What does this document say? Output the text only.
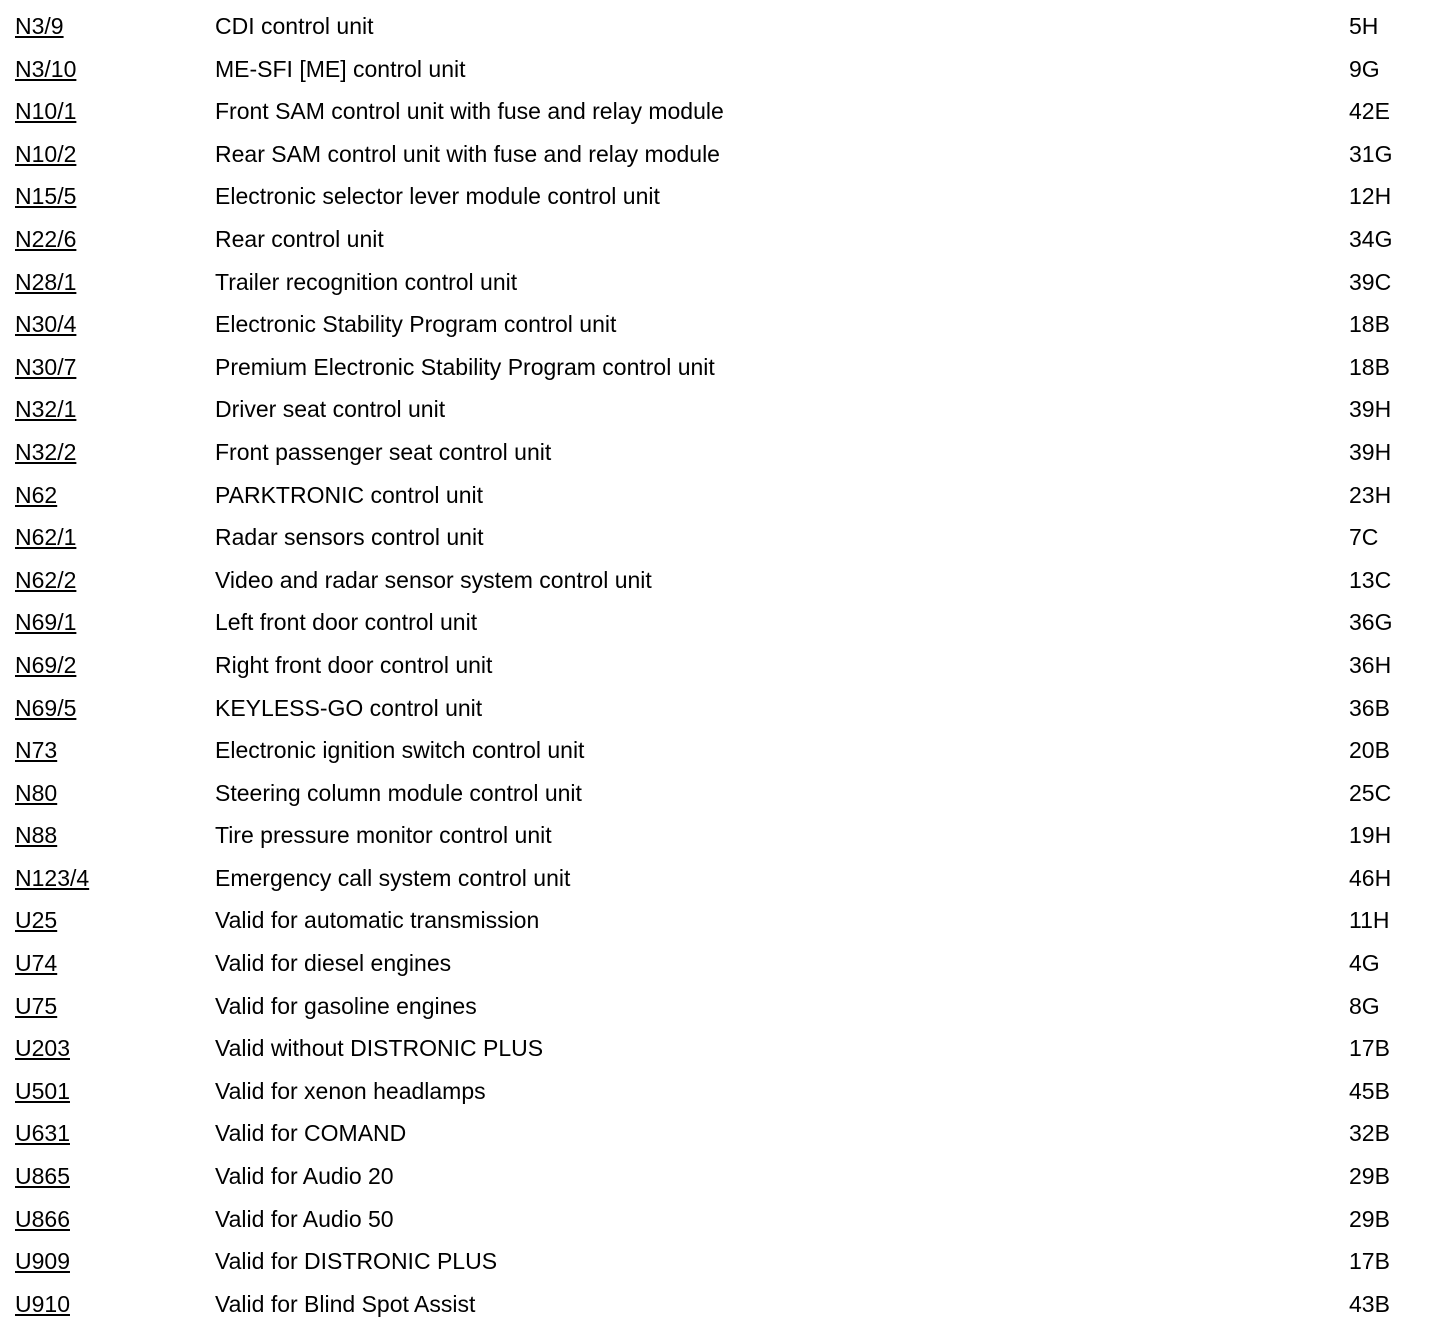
N3/9	CDI control unit	5H
N3/10	ME-SFI [ME] control unit	9G
N10/1	Front SAM control unit with fuse and relay module	42E
N10/2	Rear SAM control unit with fuse and relay module	31G
N15/5	Electronic selector lever module control unit	12H
N22/6	Rear control unit	34G
N28/1	Trailer recognition control unit	39C
N30/4	Electronic Stability Program control unit	18B
N30/7	Premium Electronic Stability Program control unit	18B
N32/1	Driver seat control unit	39H
N32/2	Front passenger seat control unit	39H
N62	PARKTRONIC control unit	23H
N62/1	Radar sensors control unit	7C
N62/2	Video and radar sensor system control unit	13C
N69/1	Left front door control unit	36G
N69/2	Right front door control unit	36H
N69/5	KEYLESS-GO control unit	36B
N73	Electronic ignition switch control unit	20B
N80	Steering column module control unit	25C
N88	Tire pressure monitor control unit	19H
N123/4	Emergency call system control unit	46H
U25	Valid for automatic transmission	11H
U74	Valid for diesel engines	4G
U75	Valid for gasoline engines	8G
U203	Valid without DISTRONIC PLUS	17B
U501	Valid for xenon headlamps	45B
U631	Valid for COMAND	32B
U865	Valid for Audio 20	29B
U866	Valid for Audio 50	29B
U909	Valid for DISTRONIC PLUS	17B
U910	Valid for Blind Spot Assist	43B
